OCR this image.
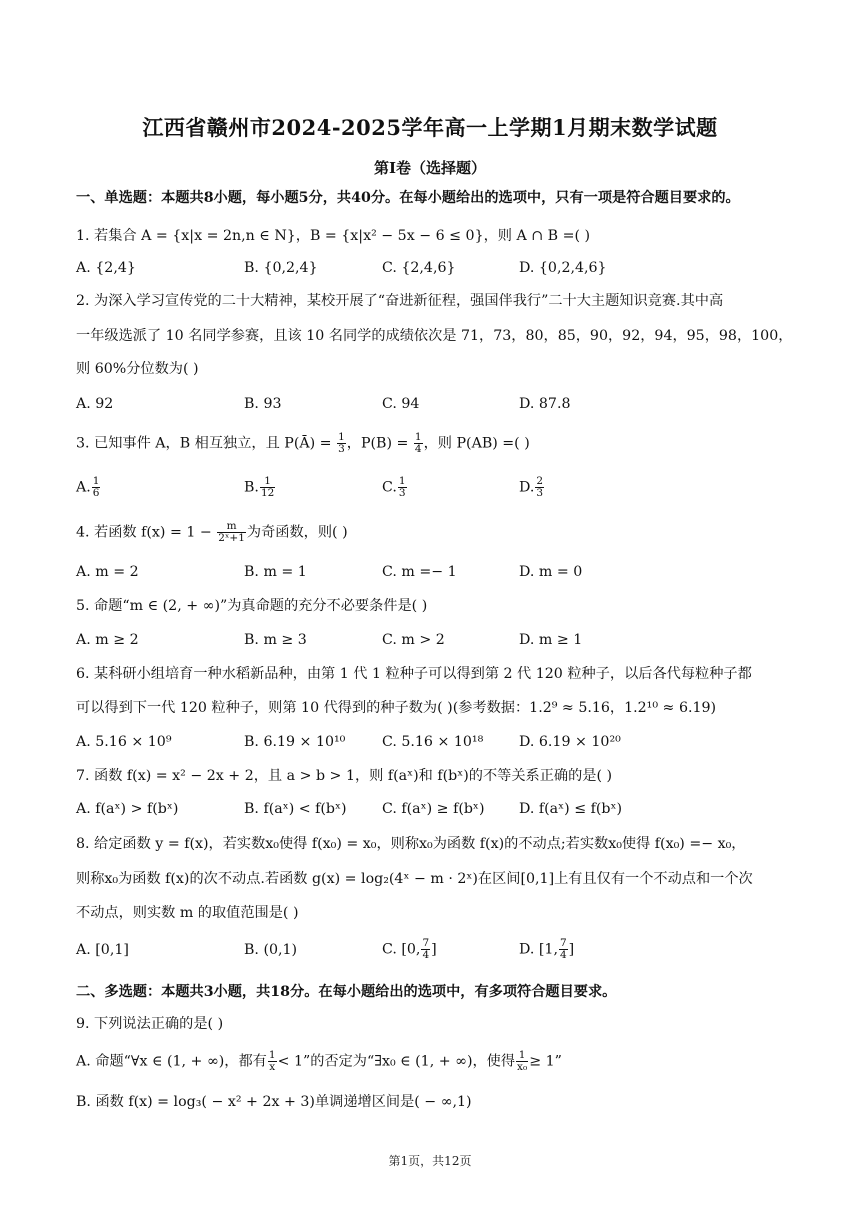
江西省赣州市2024-2025学年高一上学期1月期末数学试题
第I卷（选择题）
一、单选题：本题共8小题，每小题5分，共40分。在每小题给出的选项中，只有一项是符合题目要求的。
1. 若集合 A = {x|x = 2n,n ∈ N}，B = {x|x² − 5x − 6 ≤ 0}，则 A ∩ B =( )
A. {2,4}	B. {0,2,4}	C. {2,4,6}	D. {0,2,4,6}
2. 为深入学习宣传党的二十大精神，某校开展了“奋进新征程，强国伴我行”二十大主题知识竞赛.其中高
一年级选派了 10 名同学参赛，且该 10 名同学的成绩依次是 71，73，80，85，90，92，94，95，98，100，
则 60%分位数为( )
A. 92	B. 93	C. 94	D. 87.8
3. 已知事件 A，B 相互独立，且 P(Ā) = $\frac{1}{3}$ ，$P(B) = \frac{1}{4}$ ，则 P(AB) =( )
A. $\frac{1}{6}$	B. $\frac{1}{12}$	C. $\frac{1}{3}$	D. $\frac{2}{3}$
4. 若函数 $f(x) = 1 - \frac{m}{\text{2ˣ+1}}$ 为奇函数，则( )
A. m = 2	B. m = 1	C. m =− 1	D. m = 0
5. 命题“m ∈ (2, + ∞)”为真命题的充分不必要条件是( )
A. m ≥ 2	B. m ≥ 3	C. m > 2	D. m ≥ 1
6. 某科研小组培育一种水稻新品种，由第 1 代 1 粒种子可以得到第 2 代 120 粒种子，以后各代每粒种子都
可以得到下一代 120 粒种子，则第 10 代得到的种子数为( )(参考数据：1.2⁹ ≈ 5.16，1.2¹⁰ ≈ 6.19)
A. 5.16 × 10⁹	B. 6.19 × 10¹⁰	C. 5.16 × 10¹⁸	D. 6.19 × 10²⁰
7. 函数 f(x) = x² − 2x + 2，且 a > b > 1，则 f(aˣ)和 f(bˣ)的不等关系正确的是( )
A. f(aˣ) > f(bˣ)	B. f(aˣ) < f(bˣ) C. f(aˣ) ≥ f(bˣ) D. f(aˣ) ≤ f(bˣ)
8. 给定函数 y = f(x)，若实数x₀使得 f(x₀) = x₀，则称x₀为函数 f(x)的不动点;若实数x₀使得 f(x₀) =− x₀，
则称x₀为函数 f(x)的次不动点.若函数 g(x) = log₂(4ˣ − m · 2ˣ)在区间[0,1]上有且仅有一个不动点和一个次
不动点，则实数 m 的取值范围是( )
A. [0,1]	B. (0,1)	C. [0, $\frac{7}{4}$ ]	D. [1, $\frac{7}{4}$ ]
二、多选题：本题共3小题，共18分。在每小题给出的选项中，有多项符合题目要求。
9. 下列说法正确的是( )
A. 命题“∀x ∈ (1, + ∞)，都有 $\frac{1}{x} < 1$”的否定为“∃x₀ ∈ (1, + ∞)，使得 $\frac{1}{\text{x₀}} \ge 1$”
B. 函数 f(x) = log₃( − x² + 2x + 3)单调递增区间是( − ∞,1)
第1页，共12页
